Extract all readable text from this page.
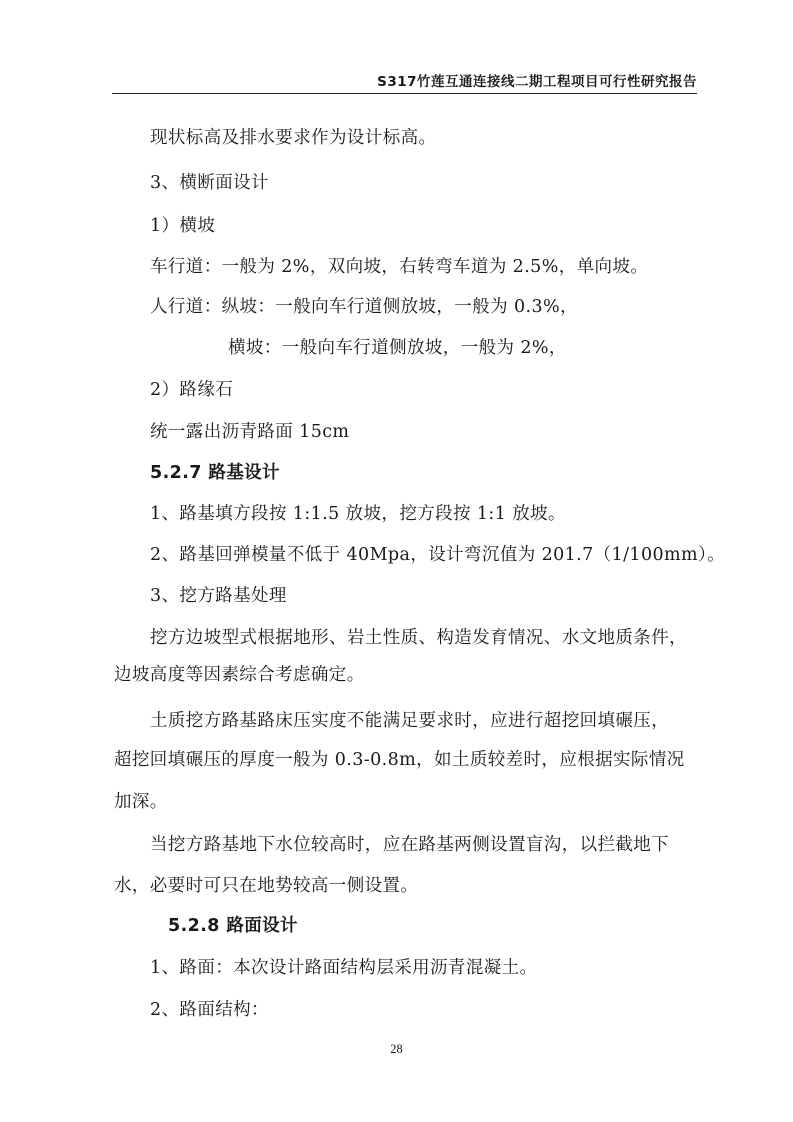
S317竹莲互通连接线二期工程项目可行性研究报告
现状标高及排水要求作为设计标高。
3、横断面设计
1）横坡
车行道：一般为 2%，双向坡，右转弯车道为 2.5%，单向坡。
人行道：纵坡：一般向车行道侧放坡，一般为 0.3%，
横坡：一般向车行道侧放坡，一般为 2%，
2）路缘石
统一露出沥青路面 15cm
5.2.7 路基设计
1、路基填方段按 1:1.5 放坡，挖方段按 1:1 放坡。
2、路基回弹模量不低于 40Mpa，设计弯沉值为 201.7（1/100mm）。
3、挖方路基处理
挖方边坡型式根据地形、岩土性质、构造发育情况、水文地质条件，
边坡高度等因素综合考虑确定。
土质挖方路基路床压实度不能满足要求时，应进行超挖回填碾压，
超挖回填碾压的厚度一般为 0.3-0.8m，如土质较差时，应根据实际情况
加深。
当挖方路基地下水位较高时，应在路基两侧设置盲沟，以拦截地下
水，必要时可只在地势较高一侧设置。
5.2.8 路面设计
1、路面：本次设计路面结构层采用沥青混凝土。
2、路面结构：
28
